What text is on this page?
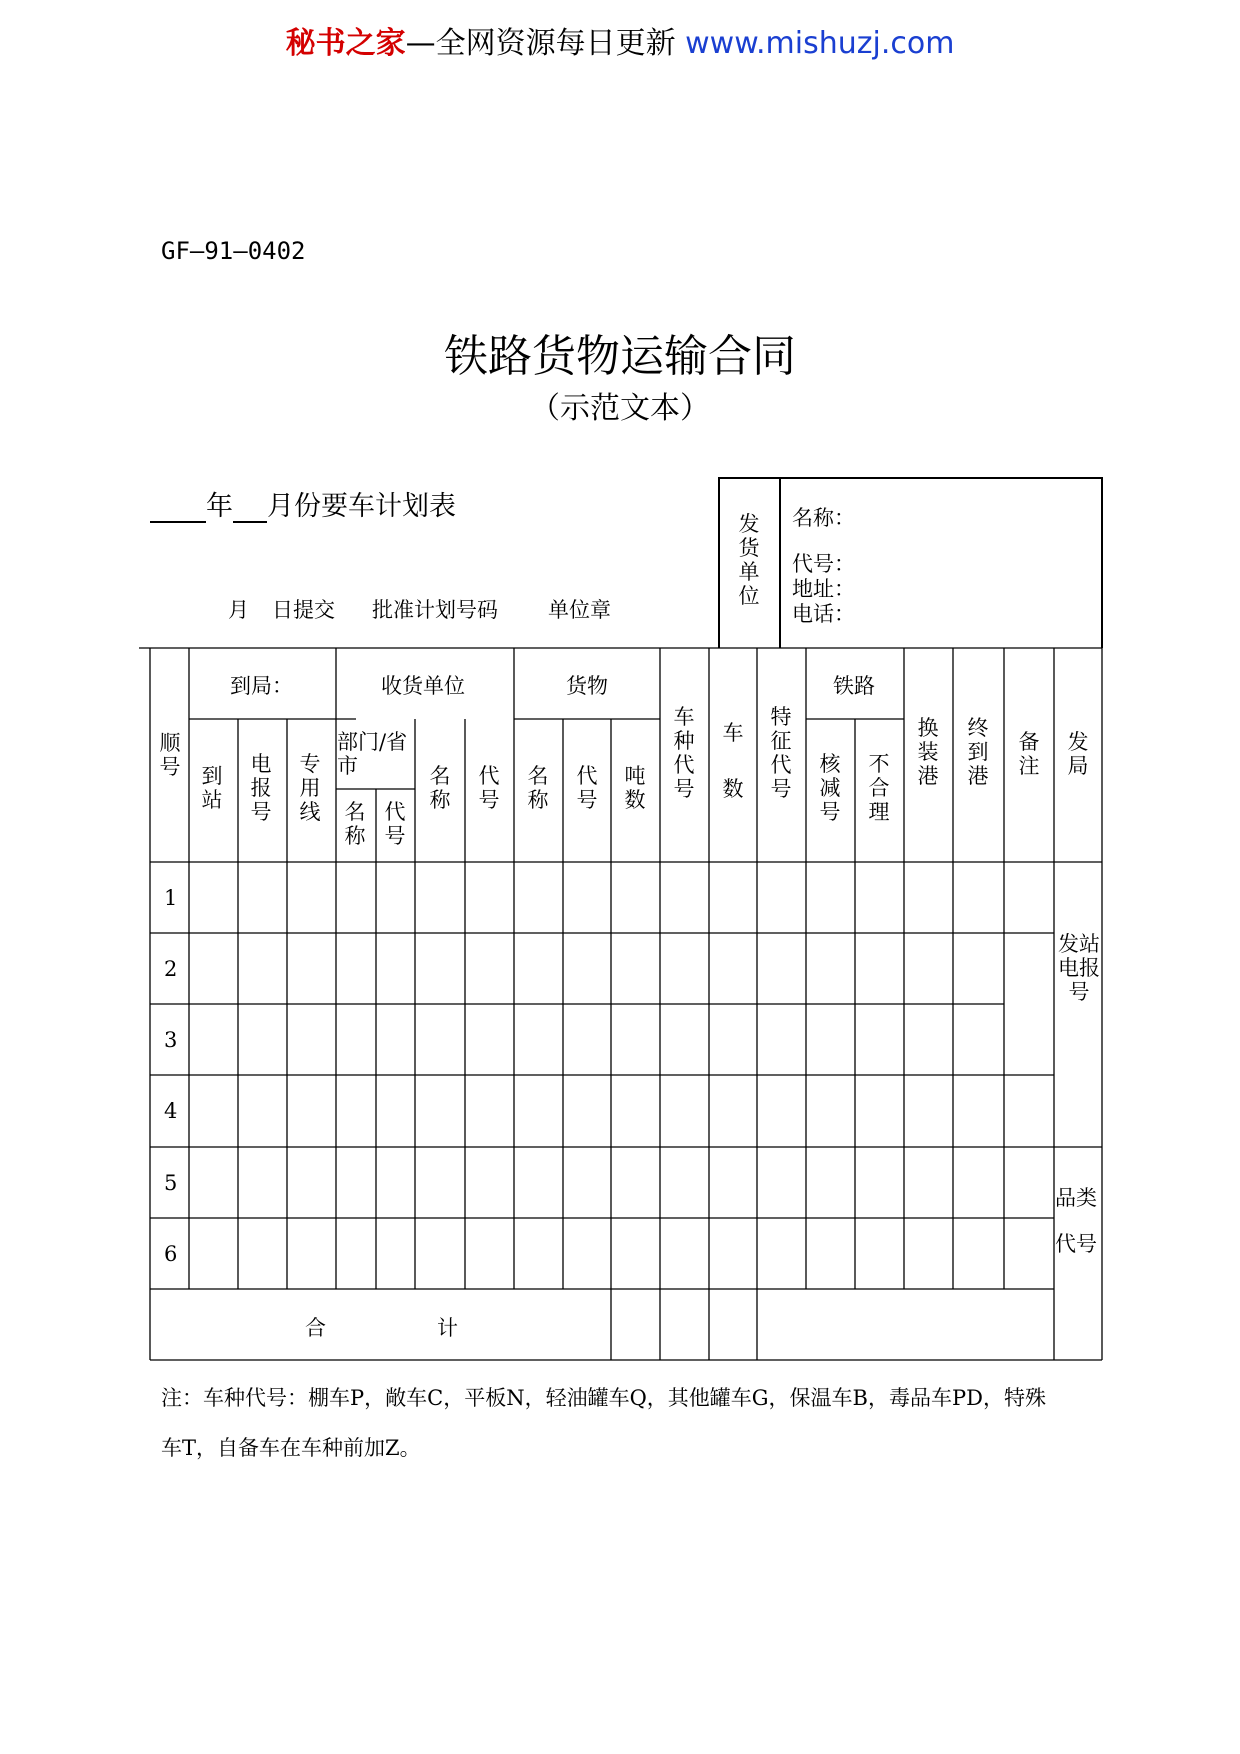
秘书之家—全网资源每日更新 www.mishuzj.com
GF—91—0402
铁路货物运输合同
（示范文本）
年 月份要车计划表
月 日提交 批准计划号码 单位章
发货单位
名称：
代号：
地址：
电话：
顺号
到局：
到站
电报号
专用线
收货单位
部门/省市
名称
代号
名称
代号
货物
名称
代号
吨数
车种代号
车数
特征代号
铁路
核减号
不合理
换装港
终到港
备注
发局
1
2
3
4
5
6
合	计
发站电报号
品类
代号
注：车种代号：棚车P，敞车C，平板N，轻油罐车Q，其他罐车G，保温车B，毒品车PD，特殊
车T，自备车在车种前加Z。
